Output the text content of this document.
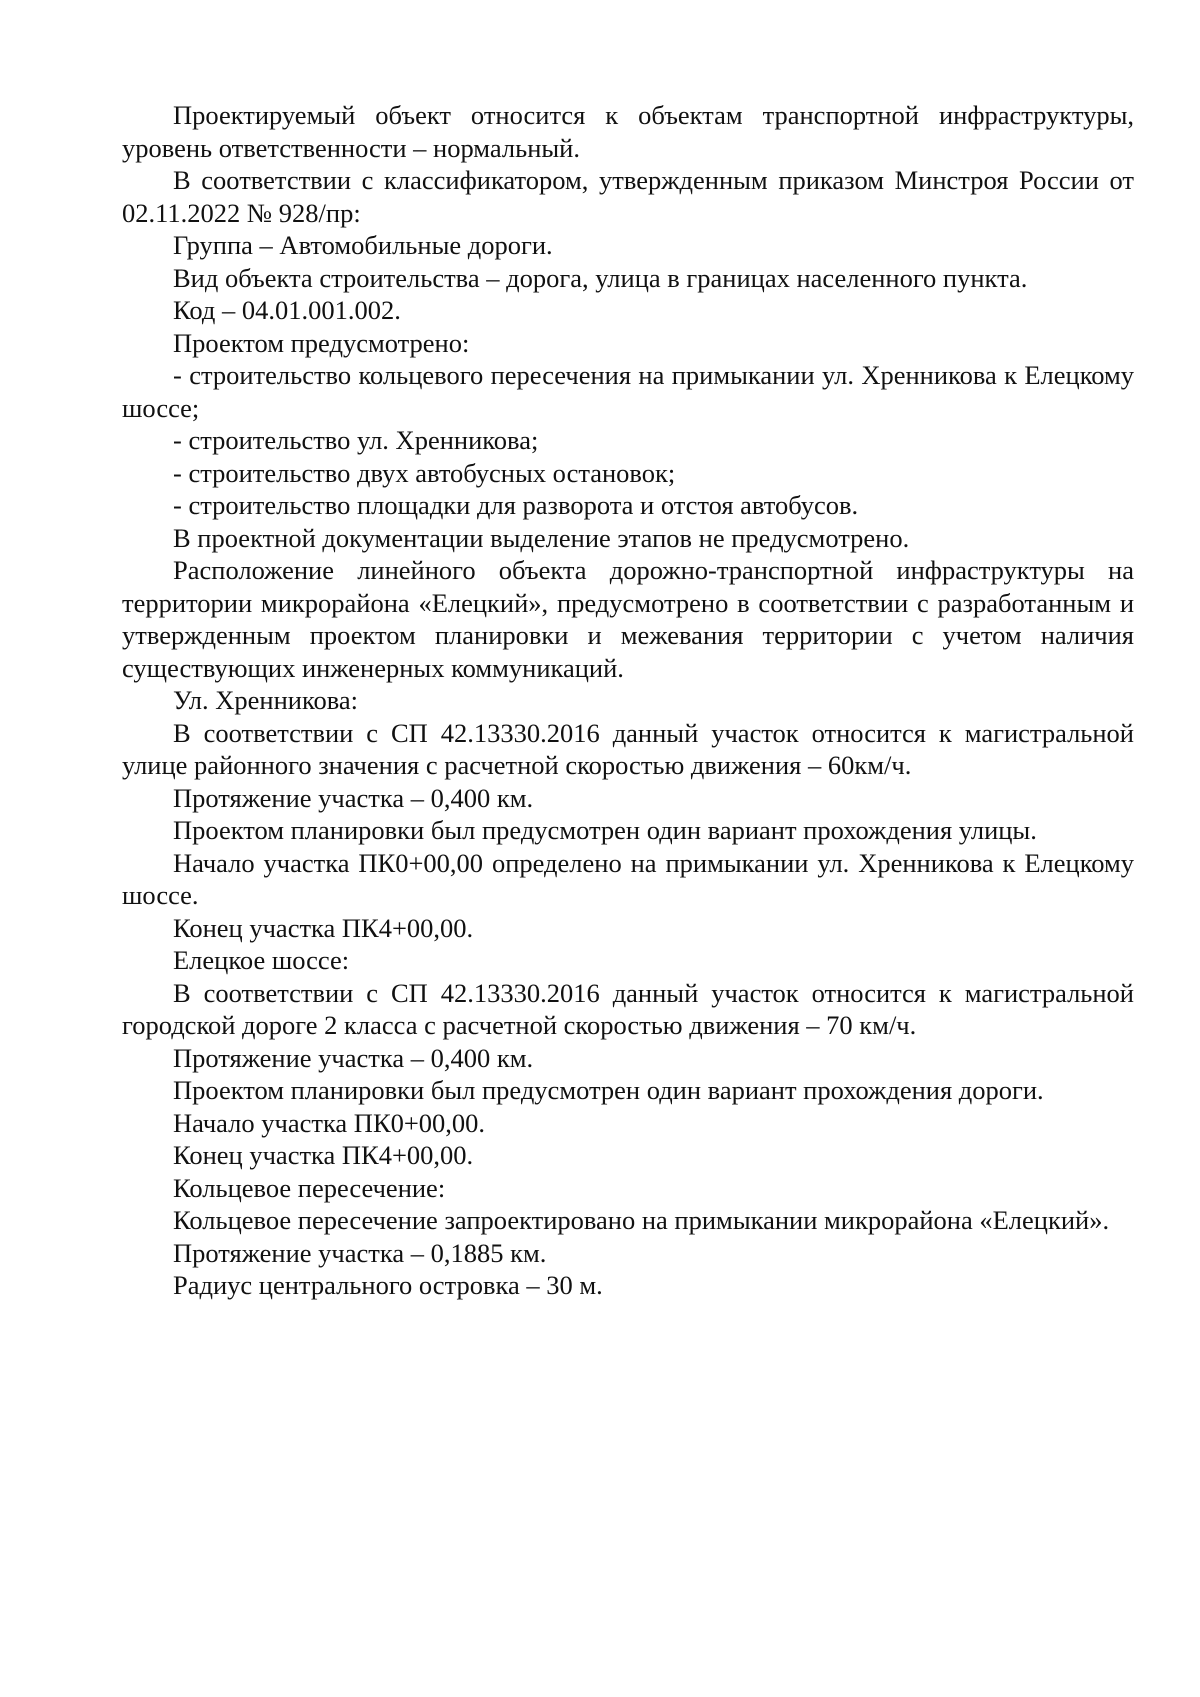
Проектируемый объект относится к объектам транспортной инфраструктуры, уровень ответственности – нормальный.

В соответствии с классификатором, утвержденным приказом Минстроя России от 02.11.2022 № 928/пр:

Группа – Автомобильные дороги.

Вид объекта строительства – дорога, улица в границах населенного пункта.

Код – 04.01.001.002.

Проектом предусмотрено:

- строительство кольцевого пересечения на примыкании ул. Хренникова к Елецкому шоссе;

- строительство ул. Хренникова;

- строительство двух автобусных остановок;

- строительство площадки для разворота и отстоя автобусов.

В проектной документации выделение этапов не предусмотрено.

Расположение линейного объекта дорожно-транспортной инфраструктуры на территории микрорайона «Елецкий», предусмотрено в соответствии с разработанным и утвержденным проектом планировки и межевания территории с учетом наличия существующих инженерных коммуникаций.

Ул. Хренникова:

В соответствии с СП 42.13330.2016 данный участок относится к магистральной улице районного значения с расчетной скоростью движения – 60км/ч.

Протяжение участка – 0,400 км.

Проектом планировки был предусмотрен один вариант прохождения улицы.

Начало участка ПК0+00,00 определено на примыкании ул. Хренникова к Елецкому шоссе.

Конец участка ПК4+00,00.

Елецкое шоссе:

В соответствии с СП 42.13330.2016 данный участок относится к магистральной городской дороге 2 класса с расчетной скоростью движения – 70 км/ч.

Протяжение участка – 0,400 км.

Проектом планировки был предусмотрен один вариант прохождения дороги.

Начало участка ПК0+00,00.

Конец участка ПК4+00,00.

Кольцевое пересечение:

Кольцевое пересечение запроектировано на примыкании микрорайона «Елецкий».

Протяжение участка – 0,1885 км.

Радиус центрального островка – 30 м.
